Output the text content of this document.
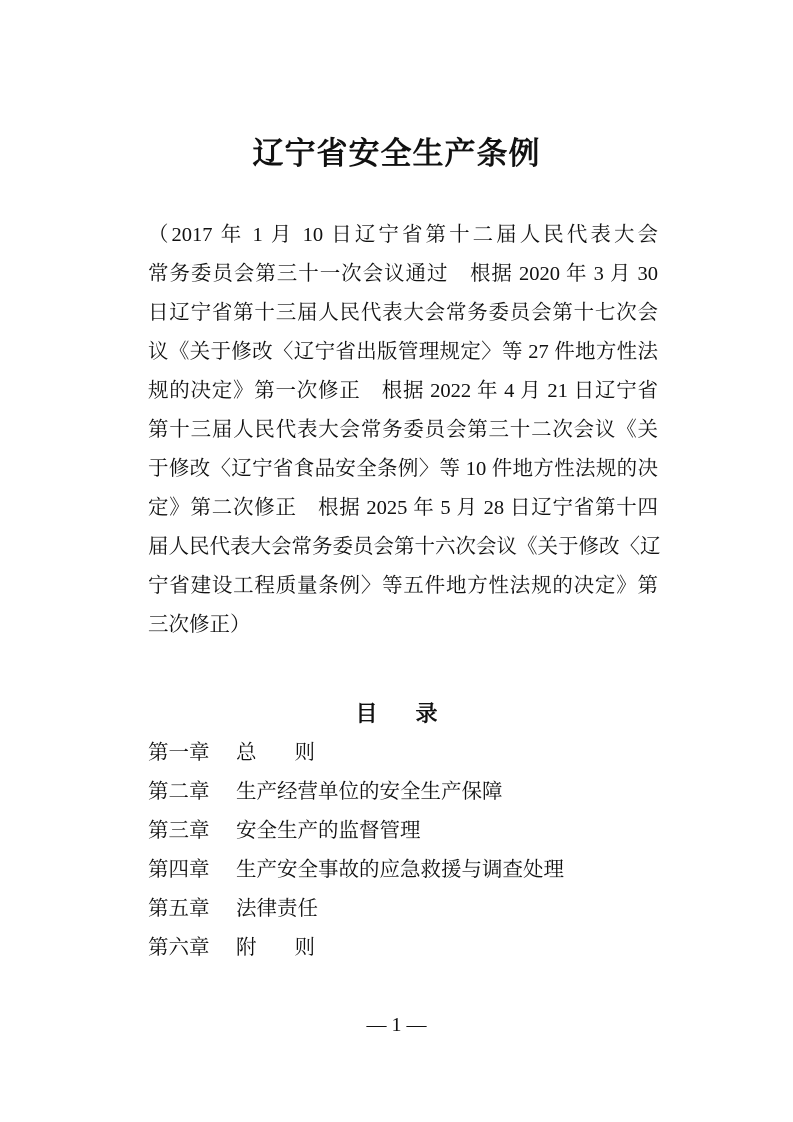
辽宁省安全生产条例
（2017 年 1 月 10 日辽宁省第十二届人民代表大会
常务委员会第三十一次会议通过　根据 2020 年 3 月 30
日辽宁省第十三届人民代表大会常务委员会第十七次会
议《关于修改〈辽宁省出版管理规定〉等 27 件地方性法
规的决定》第一次修正　根据 2022 年 4 月 21 日辽宁省
第十三届人民代表大会常务委员会第三十二次会议《关
于修改〈辽宁省食品安全条例〉等 10 件地方性法规的决
定》第二次修正　根据 2025 年 5 月 28 日辽宁省第十四
届人民代表大会常务委员会第十六次会议《关于修改〈辽
宁省建设工程质量条例〉等五件地方性法规的决定》第
三次修正）
目 录
第一章	总则
第二章	生产经营单位的安全生产保障
第三章	安全生产的监督管理
第四章	生产安全事故的应急救援与调查处理
第五章	法律责任
第六章	附则
— 1 —
